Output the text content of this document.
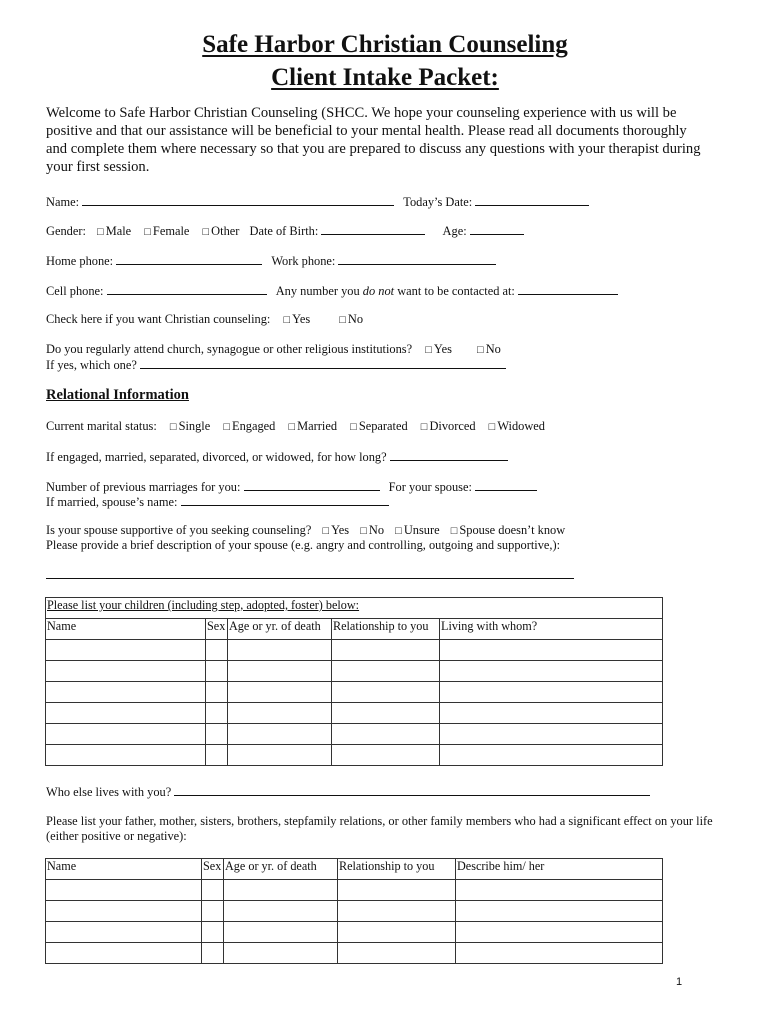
Safe Harbor Christian Counseling
Client Intake Packet:

Welcome to Safe Harbor Christian Counseling (SHCC. We hope your counseling experience with us will be positive and that our assistance will be beneficial to your mental health. Please read all documents thoroughly and complete them where necessary so that you are prepared to discuss any questions with your therapist during your first session.

Name:	Today’s Date:
Gender: □ Male □ Female □ Other Date of Birth:	Age:
Home phone:	Work phone:
Cell phone:	Any number you do not want to be contacted at:
Check here if you want Christian counseling: □ Yes	□ No
Do you regularly attend church, synagogue or other religious institutions? □ Yes □ No
If yes, which one?
Relational Information
Current marital status: □ Single □ Engaged □ Married □ Separated □ Divorced □ Widowed
If engaged, married, separated, divorced, or widowed, for how long?
Number of previous marriages for you:	For your spouse:
If married, spouse’s name:
Is your spouse supportive of you seeking counseling? □ Yes □ No □ Unsure □ Spouse doesn’t know
Please provide a brief description of your spouse (e.g. angry and controlling, outgoing and supportive,):
Please list your children (including step, adopted, foster) below:				
Name	Sex	Age or yr. of death	Relationship to you	Living with whom?

Who else lives with you?
Please list your father, mother, sisters, brothers, stepfamily relations, or other family members who had a significant effect on your life (either positive or negative):
Name	Sex	Age or yr. of death	Relationship to you	Describe him/ her

1
